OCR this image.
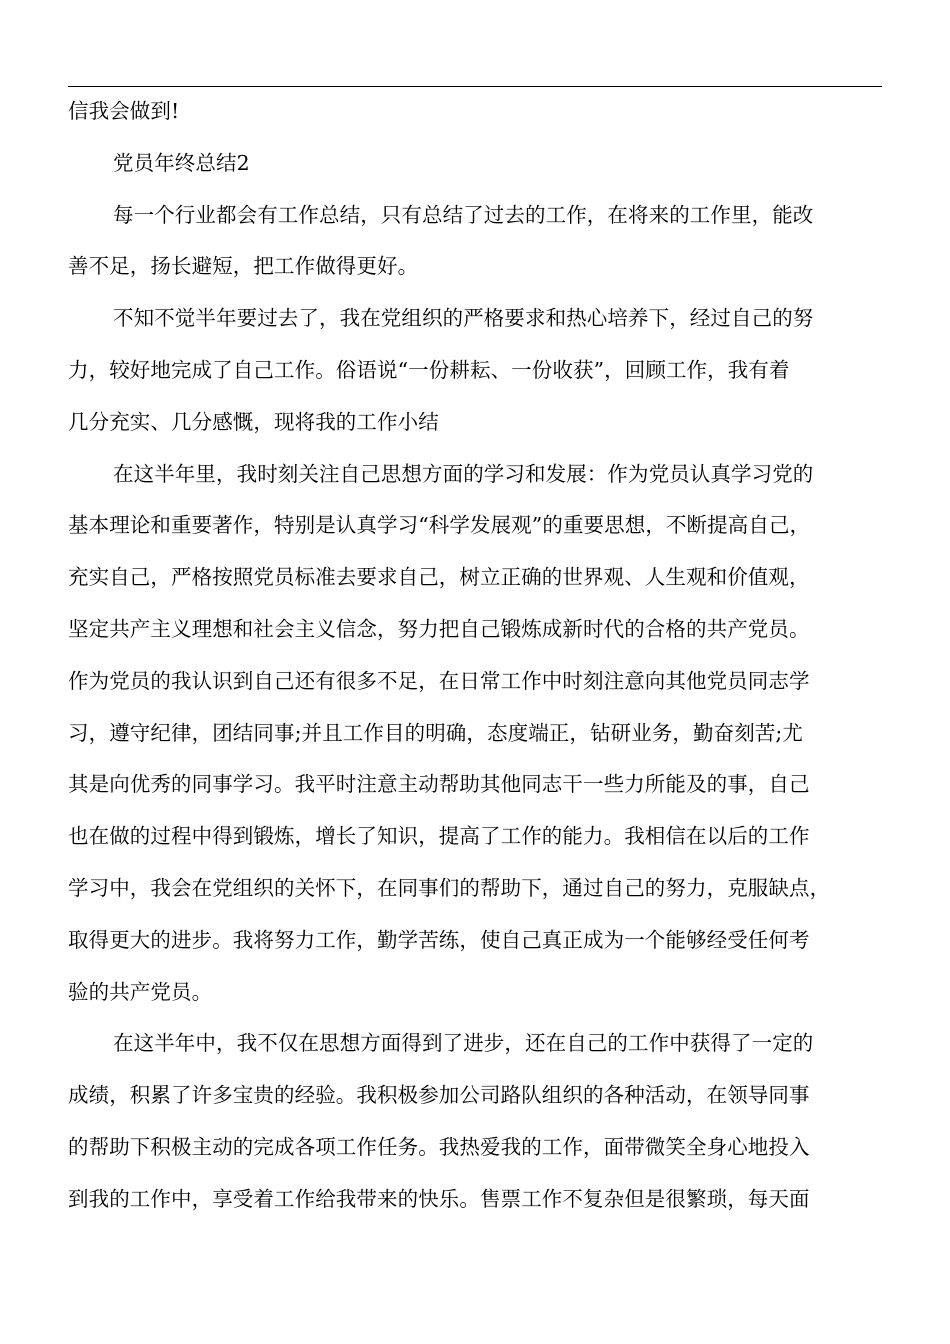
信我会做到!
党员年终总结2
每一个行业都会有工作总结，只有总结了过去的工作，在将来的工作里，能改
善不足，扬长避短，把工作做得更好。
不知不觉半年要过去了，我在党组织的严格要求和热心培养下，经过自己的努
力，较好地完成了自己工作。俗语说“一份耕耘、一份收获”，回顾工作，我有着
几分充实、几分感慨，现将我的工作小结
在这半年里，我时刻关注自己思想方面的学习和发展：作为党员认真学习党的
基本理论和重要著作，特别是认真学习“科学发展观”的重要思想，不断提高自己，
充实自己，严格按照党员标准去要求自己，树立正确的世界观、人生观和价值观，
坚定共产主义理想和社会主义信念，努力把自己锻炼成新时代的合格的共产党员。
作为党员的我认识到自己还有很多不足，在日常工作中时刻注意向其他党员同志学
习，遵守纪律，团结同事;并且工作目的明确，态度端正，钻研业务，勤奋刻苦;尤
其是向优秀的同事学习。我平时注意主动帮助其他同志干一些力所能及的事，自己
也在做的过程中得到锻炼，增长了知识，提高了工作的能力。我相信在以后的工作
学习中，我会在党组织的关怀下，在同事们的帮助下，通过自己的努力，克服缺点，
取得更大的进步。我将努力工作，勤学苦练，使自己真正成为一个能够经受任何考
验的共产党员。
在这半年中，我不仅在思想方面得到了进步，还在自己的工作中获得了一定的
成绩，积累了许多宝贵的经验。我积极参加公司路队组织的各种活动，在领导同事
的帮助下积极主动的完成各项工作任务。我热爱我的工作，面带微笑全身心地投入
到我的工作中，享受着工作给我带来的快乐。售票工作不复杂但是很繁琐，每天面
